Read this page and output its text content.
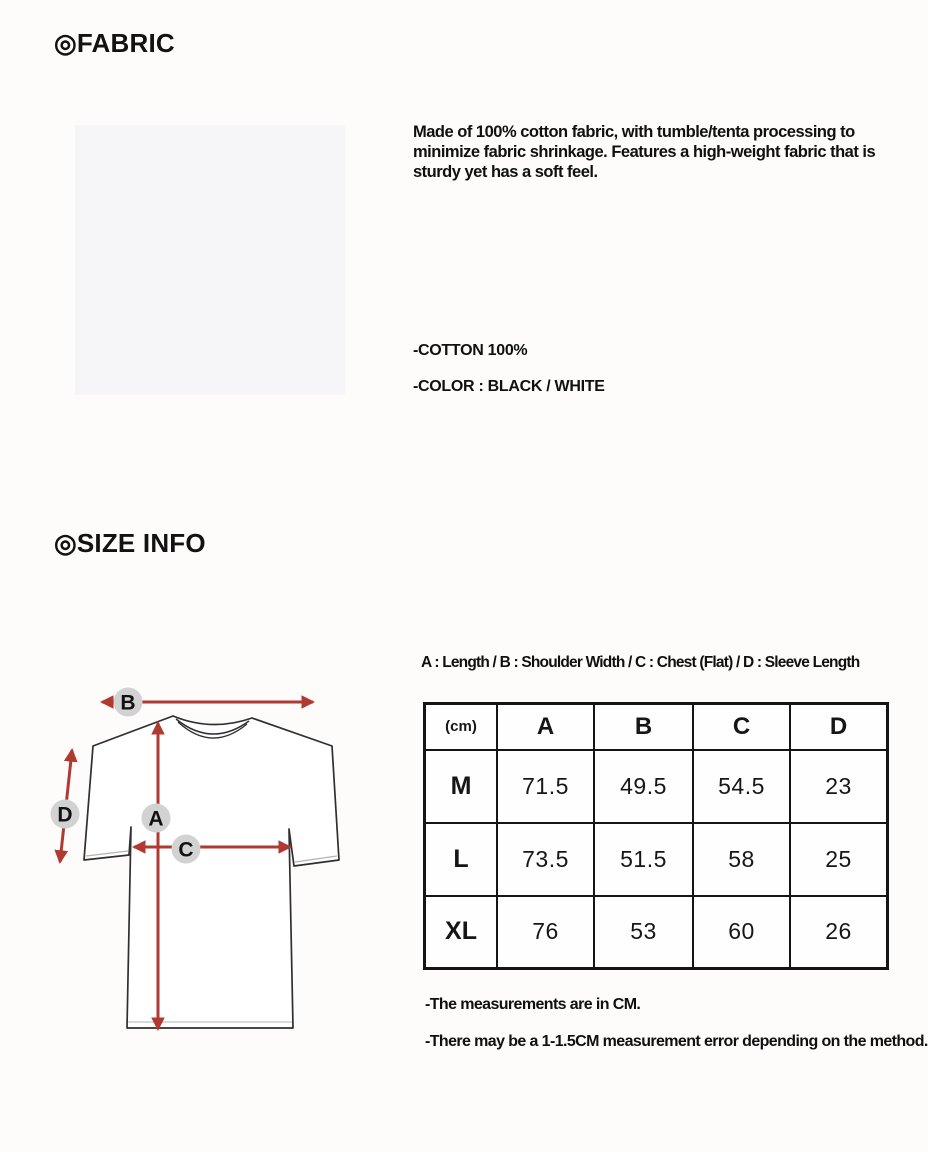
◎FABRIC
Made of 100% cotton fabric, with tumble/tenta processing to minimize fabric shrinkage. Features a high-weight fabric that is sturdy yet has a soft feel.
-COTTON 100%
-COLOR : BLACK / WHITE
◎SIZE INFO
A : Length / B : Shoulder Width / C : Chest (Flat) / D : Sleeve Length
B
D	A
C
(cm)	A	B	C	D
M	71.5	49.5	54.5	23
L	73.5	51.5	58	25
XL	76	53	60	26
-The measurements are in CM.
-There may be a 1-1.5CM measurement error depending on the method.
